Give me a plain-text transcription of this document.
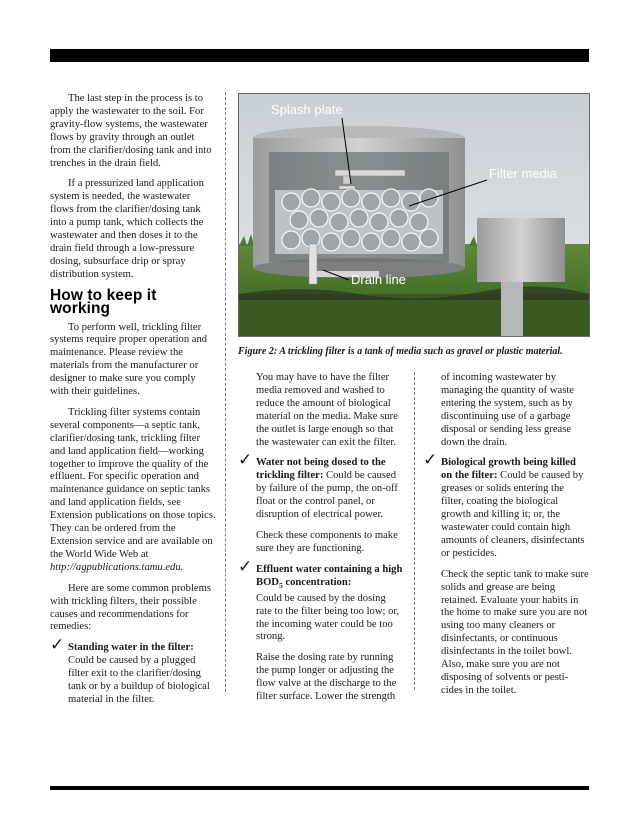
The last step in the process is to apply the wastewater to the soil. For gravity-flow systems, the wastewater flows by gravity through an outlet from the clarifier/dosing tank and into trenches in the drain field.

If a pressurized land application system is needed, the wastewater flows from the clarifier/dosing tank into a pump tank, which collects the wastewater and then doses it to the drain field through a low-pressure dosing, subsurface drip or spray distribution system.

How to keep it working

To perform well, trickling filter systems require proper operation and maintenance. Please review the materials from the manufacturer or designer to make sure you comply with their guidelines.

Trickling filter systems contain several components—a septic tank, clarifier/dosing tank, trickling filter and land application field—working together to improve the quality of the effluent. For specific operation and maintenance guidance on septic tanks and land application fields, see Extension publications on those topics. They can be ordered from the Extension service and are available on the World Wide Web at http://agpublications.tamu.edu.

Here are some common problems with trickling filters, their possible causes and recommendations for remedies:

✓ Standing water in the filter:
Could be caused by a plugged filter exit to the clarifier/dosing tank or by a buildup of biological material in the filter.
Splash plate
Filter media
Drain line
Figure 2: A trickling filter is a tank of media such as gravel or plastic material.

You may have to have the filter media removed and washed to reduce the amount of biological material on the media. Make sure the outlet is large enough so that the wastewater can exit the filter.

✓ Water not being dosed to the trickling filter: Could be caused by failure of the pump, the on-off float or the control panel, or disruption of electrical power.

Check these components to make sure they are functioning.

✓ Effluent water containing a high $BOD_5$ concentration:
Could be caused by the dosing rate to the filter being too low; or, the incoming water could be too strong.

Raise the dosing rate by running the pump longer or adjusting the flow valve at the discharge to the filter surface. Lower the strength

of incoming wastewater by managing the quantity of waste entering the system, such as by discontinuing use of a garbage disposal or sending less grease down the drain.

✓ Biological growth being killed on the filter: Could be caused by greases or solids entering the filter, coating the biological growth and killing it; or, the wastewater could contain high amounts of cleaners, disinfectants or pesticides.

Check the septic tank to make sure solids and grease are being retained. Evaluate your habits in the home to make sure you are not using too many cleaners or disinfectants, or continuous disinfectants in the toilet bowl. Also, make sure you are not disposing of solvents or pesti-cides in the toilet.
